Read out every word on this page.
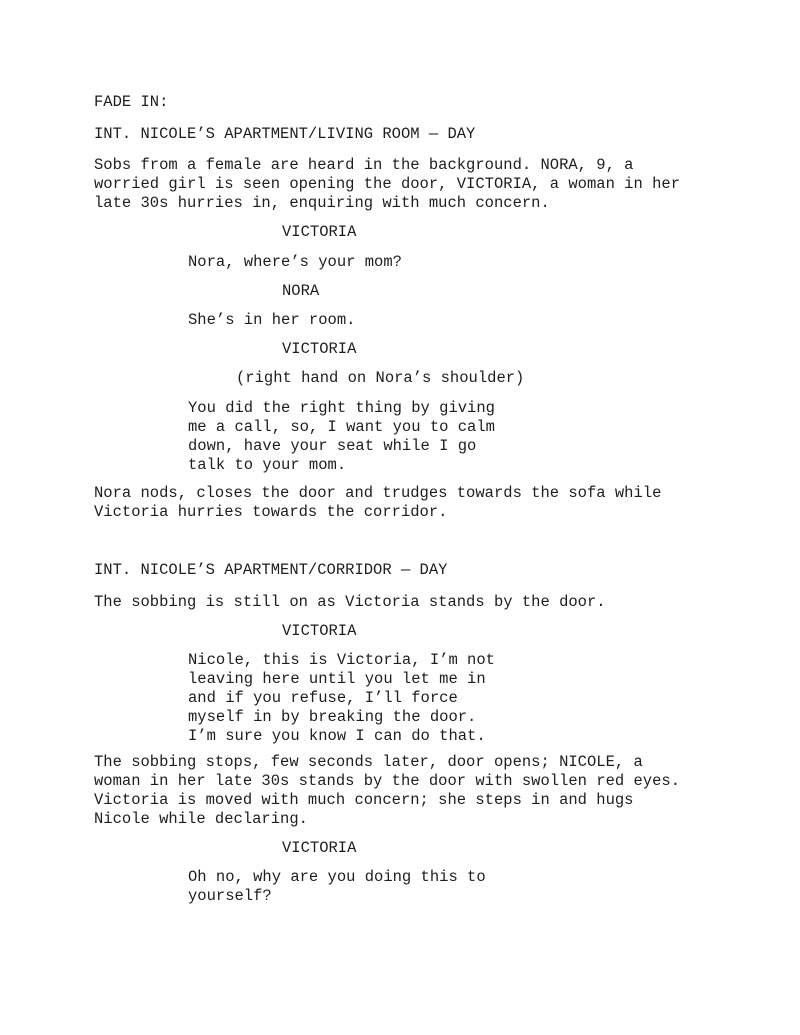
FADE IN:
INT. NICOLE’S APARTMENT/LIVING ROOM — DAY
Sobs from a female are heard in the background. NORA, 9, a
worried girl is seen opening the door, VICTORIA, a woman in her
late 30s hurries in, enquiring with much concern.
VICTORIA
Nora, where’s your mom?
NORA
She’s in her room.
VICTORIA
(right hand on Nora’s shoulder)
You did the right thing by giving
me a call, so, I want you to calm
down, have your seat while I go
talk to your mom.
Nora nods, closes the door and trudges towards the sofa while
Victoria hurries towards the corridor.
INT. NICOLE’S APARTMENT/CORRIDOR — DAY
The sobbing is still on as Victoria stands by the door.
VICTORIA
Nicole, this is Victoria, I’m not
leaving here until you let me in
and if you refuse, I’ll force
myself in by breaking the door.
I’m sure you know I can do that.
The sobbing stops, few seconds later, door opens; NICOLE, a
woman in her late 30s stands by the door with swollen red eyes.
Victoria is moved with much concern; she steps in and hugs
Nicole while declaring.
VICTORIA
Oh no, why are you doing this to
yourself?
